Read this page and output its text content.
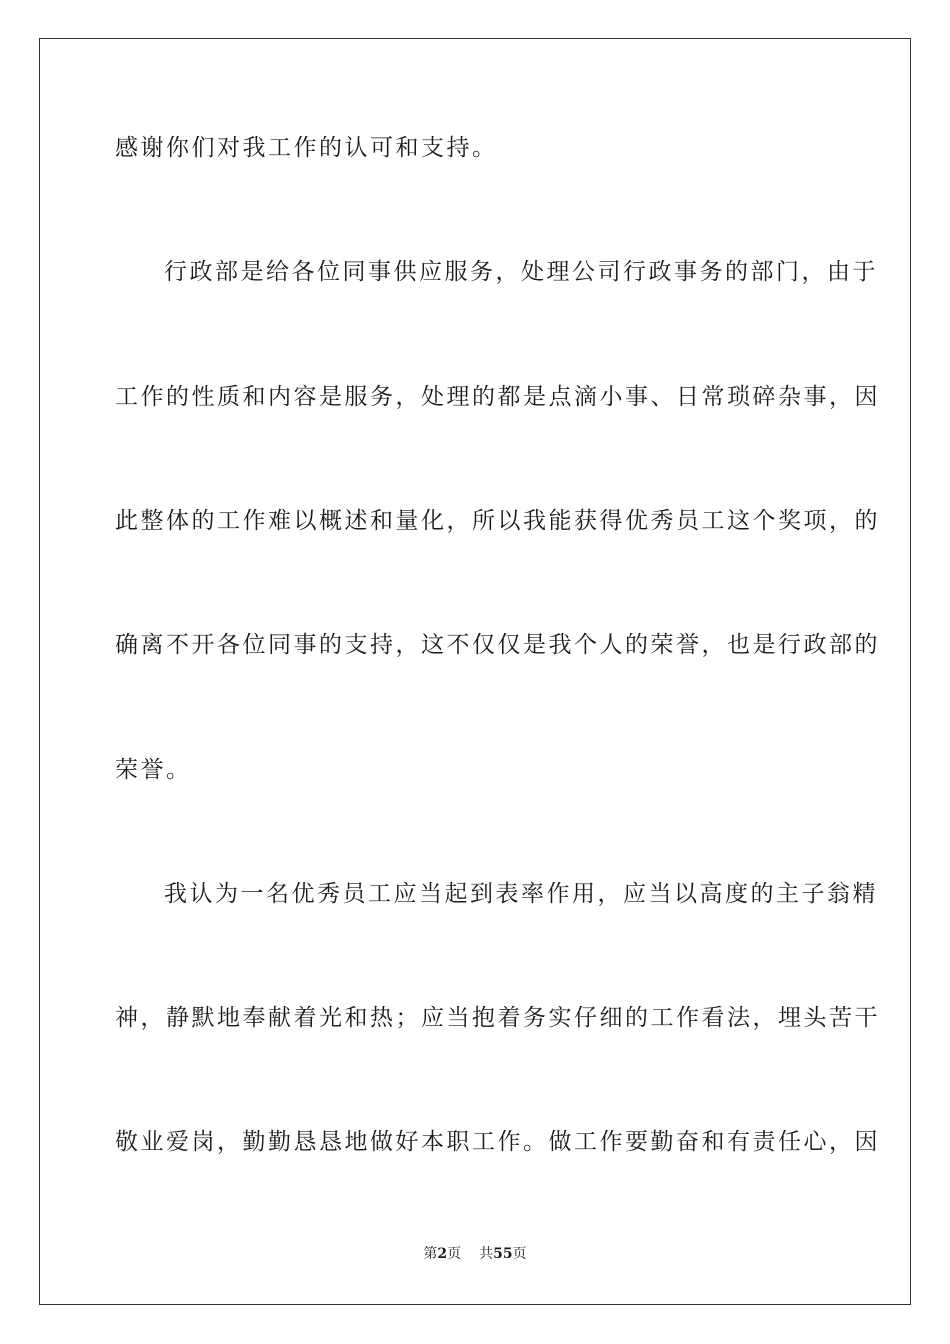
感谢你们对我工作的认可和支持。
行政部是给各位同事供应服务，处理公司行政事务的部门，由于
工作的性质和内容是服务，处理的都是点滴小事、日常琐碎杂事，因
此整体的工作难以概述和量化，所以我能获得优秀员工这个奖项，的
确离不开各位同事的支持，这不仅仅是我个人的荣誉，也是行政部的
荣誉。
我认为一名优秀员工应当起到表率作用，应当以高度的主子翁精
神，静默地奉献着光和热；应当抱着务实仔细的工作看法，埋头苦干
敬业爱岗，勤勤恳恳地做好本职工作。做工作要勤奋和有责任心，因
第2页 共55页
